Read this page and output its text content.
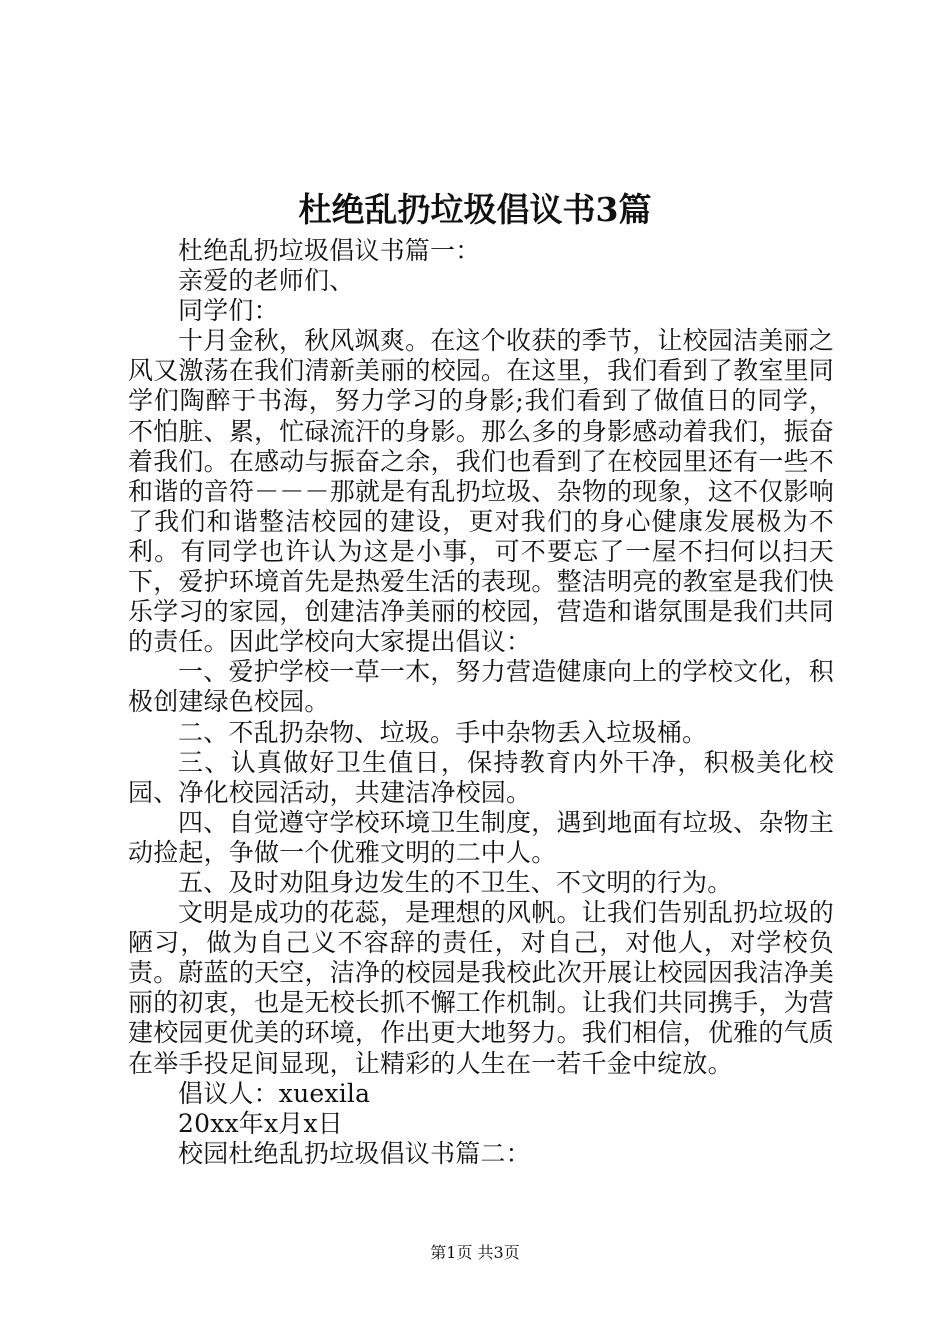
杜绝乱扔垃圾倡议书3篇

杜绝乱扔垃圾倡议书篇一：

亲爱的老师们、

同学们：

十月金秋，秋风飒爽。在这个收获的季节，让校园洁美丽之风又激荡在我们清新美丽的校园。在这里，我们看到了教室里同学们陶醉于书海，努力学习的身影;我们看到了做值日的同学，不怕脏、累，忙碌流汗的身影。那么多的身影感动着我们，振奋着我们。在感动与振奋之余，我们也看到了在校园里还有一些不和谐的音符－－－那就是有乱扔垃圾、杂物的现象，这不仅影响了我们和谐整洁校园的建设，更对我们的身心健康发展极为不利。有同学也许认为这是小事，可不要忘了一屋不扫何以扫天下，爱护环境首先是热爱生活的表现。整洁明亮的教室是我们快乐学习的家园，创建洁净美丽的校园，营造和谐氛围是我们共同的责任。因此学校向大家提出倡议：

一、爱护学校一草一木，努力营造健康向上的学校文化，积极创建绿色校园。

二、不乱扔杂物、垃圾。手中杂物丢入垃圾桶。

三、认真做好卫生值日，保持教育内外干净，积极美化校园、净化校园活动，共建洁净校园。

四、自觉遵守学校环境卫生制度，遇到地面有垃圾、杂物主动捡起，争做一个优雅文明的二中人。

五、及时劝阻身边发生的不卫生、不文明的行为。

文明是成功的花蕊，是理想的风帆。让我们告别乱扔垃圾的陋习，做为自己义不容辞的责任，对自己，对他人，对学校负责。蔚蓝的天空，洁净的校园是我校此次开展让校园因我洁净美丽的初衷，也是无校长抓不懈工作机制。让我们共同携手，为营建校园更优美的环境，作出更大地努力。我们相信，优雅的气质在举手投足间显现，让精彩的人生在一若千金中绽放。

倡议人：xuexila

20xx年x月x日

校园杜绝乱扔垃圾倡议书篇二：

第1页 共3页
